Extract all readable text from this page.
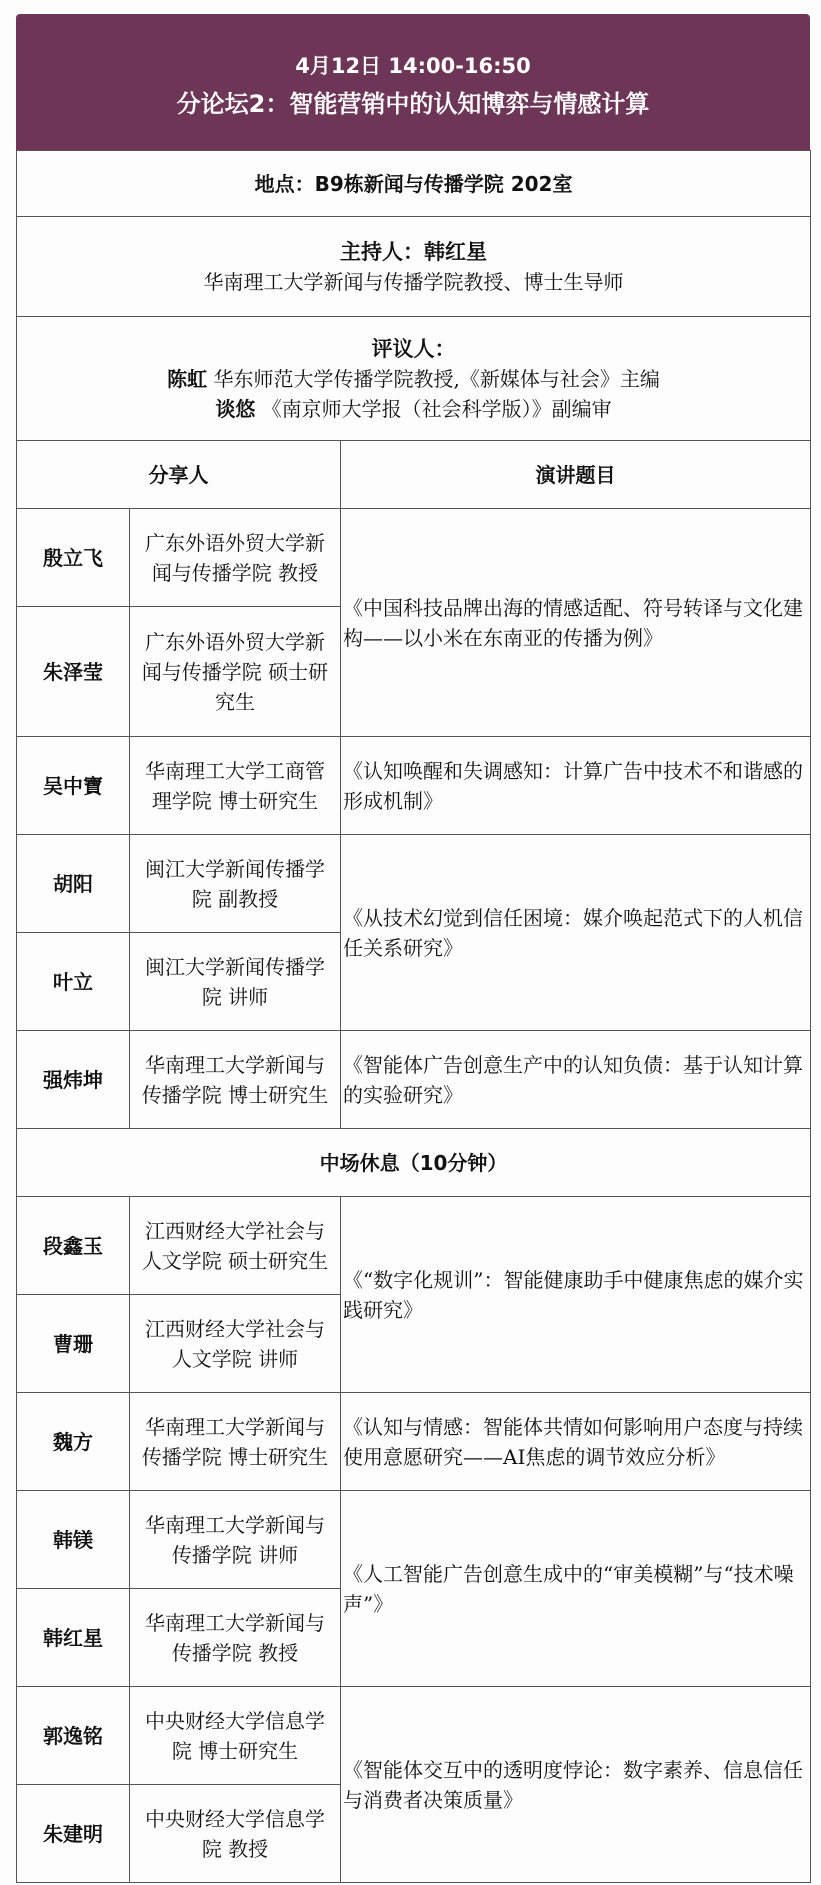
4月12日 14:00-16:50
分论坛2：智能营销中的认知博弈与情感计算
地点：B9栋新闻与传播学院 202室		

主持人：韩红星
华南理工大学新闻与传播学院教授、博士生导师		

评议人：
陈虹 华东师范大学传播学院教授,《新媒体与社会》主编
谈悠 《南京师大学报（社会科学版）》副编审		

分享人		演讲题目
殷立飞	广东外语外贸大学新闻与传播学院 教授	《中国科技品牌出海的情感适配、符号转译与文化建构——以小米在东南亚的传播为例》
朱泽莹	广东外语外贸大学新闻与传播学院 硕士研究生	
吴中寶	华南理工大学工商管理学院 博士研究生	《认知唤醒和失调感知：计算广告中技术不和谐感的形成机制》
胡阳	闽江大学新闻传播学院 副教授	《从技术幻觉到信任困境：媒介唤起范式下的人机信任关系研究》
叶立	闽江大学新闻传播学院 讲师	
强炜坤	华南理工大学新闻与传播学院 博士研究生	《智能体广告创意生产中的认知负债：基于认知计算的实验研究》
中场休息（10分钟）		
段鑫玉	江西财经大学社会与人文学院 硕士研究生	《“数字化规训”：智能健康助手中健康焦虑的媒介实践研究》
曹珊	江西财经大学社会与人文学院 讲师	
魏方	华南理工大学新闻与传播学院 博士研究生	《认知与情感：智能体共情如何影响用户态度与持续使用意愿研究——AI焦虑的调节效应分析》
韩镁	华南理工大学新闻与传播学院 讲师	《人工智能广告创意生成中的“审美模糊”与“技术噪声”》
韩红星	华南理工大学新闻与传播学院 教授	
郭逸铭	中央财经大学信息学院 博士研究生	《智能体交互中的透明度悖论：数字素养、信息信任与消费者决策质量》
朱建明	中央财经大学信息学院 教授	
